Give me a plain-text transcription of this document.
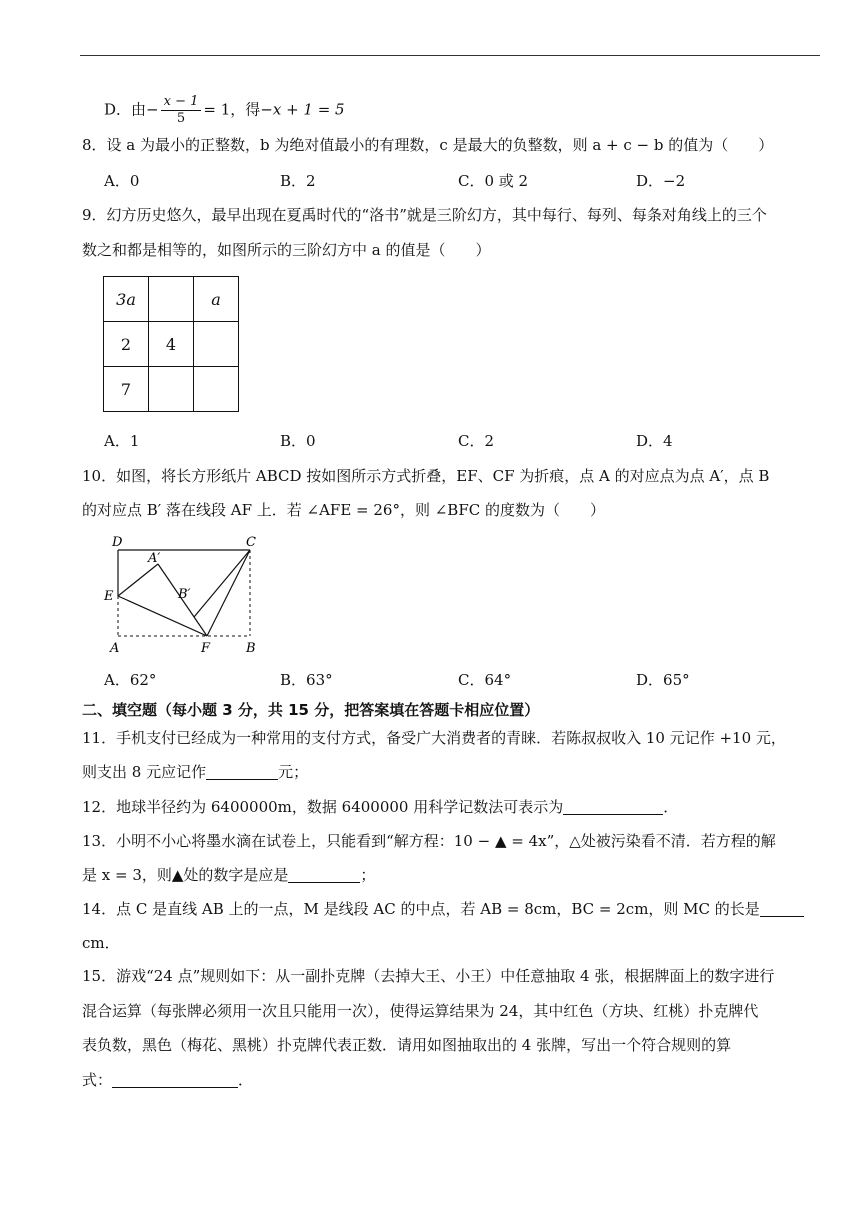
D．由− $\frac{x - 1}{5} = 1$，得−x + 1 = 5
8．设 a 为最小的正整数，b 为绝对值最小的有理数，c 是最大的负整数，则 a + c − b 的值为（　　）
A．0	B．2	C．0 或 2	D．−2
9．幻方历史悠久，最早出现在夏禹时代的“洛书”就是三阶幻方，其中每行、每列、每条对角线上的三个
数之和都是相等的，如图所示的三阶幻方中 a 的值是（　　）
3a		a
2	4	
7		
A．1	B．0	C．2	D．4
10．如图，将长方形纸片 ABCD 按如图所示方式折叠，EF、CF 为折痕，点 A 的对应点为点 A′，点 B
的对应点 B′ 落在线段 AF 上．若 ∠AFE = 26°，则 ∠BFC 的度数为（　　）
D	C
A′
B′
E
A	F	B
A．62°	B．63°	C．64°	D．65°
二、填空题（每小题 3 分，共 15 分，把答案填在答题卡相应位置）
11．手机支付已经成为一种常用的支付方式，备受广大消费者的青睐．若陈叔叔收入 10 元记作 +10 元，
则支出 8 元应记作	元；
12．地球半径约为 6400000m，数据 6400000 用科学记数法可表示为	．
13．小明不小心将墨水滴在试卷上，只能看到“解方程：10 − ▲ = 4x”，△处被污染看不清．若方程的解
是 x = 3，则▲处的数字是应是	；
14．点 C 是直线 AB 上的一点，M 是线段 AC 的中点，若 AB = 8cm，BC = 2cm，则 MC 的长是
cm．
15．游戏“24 点”规则如下：从一副扑克牌（去掉大王、小王）中任意抽取 4 张，根据牌面上的数字进行
混合运算（每张牌必须用一次且只能用一次），使得运算结果为 24，其中红色（方块、红桃）扑克牌代
表负数，黑色（梅花、黑桃）扑克牌代表正数．请用如图抽取出的 4 张牌，写出一个符合规则的算
式：	．
